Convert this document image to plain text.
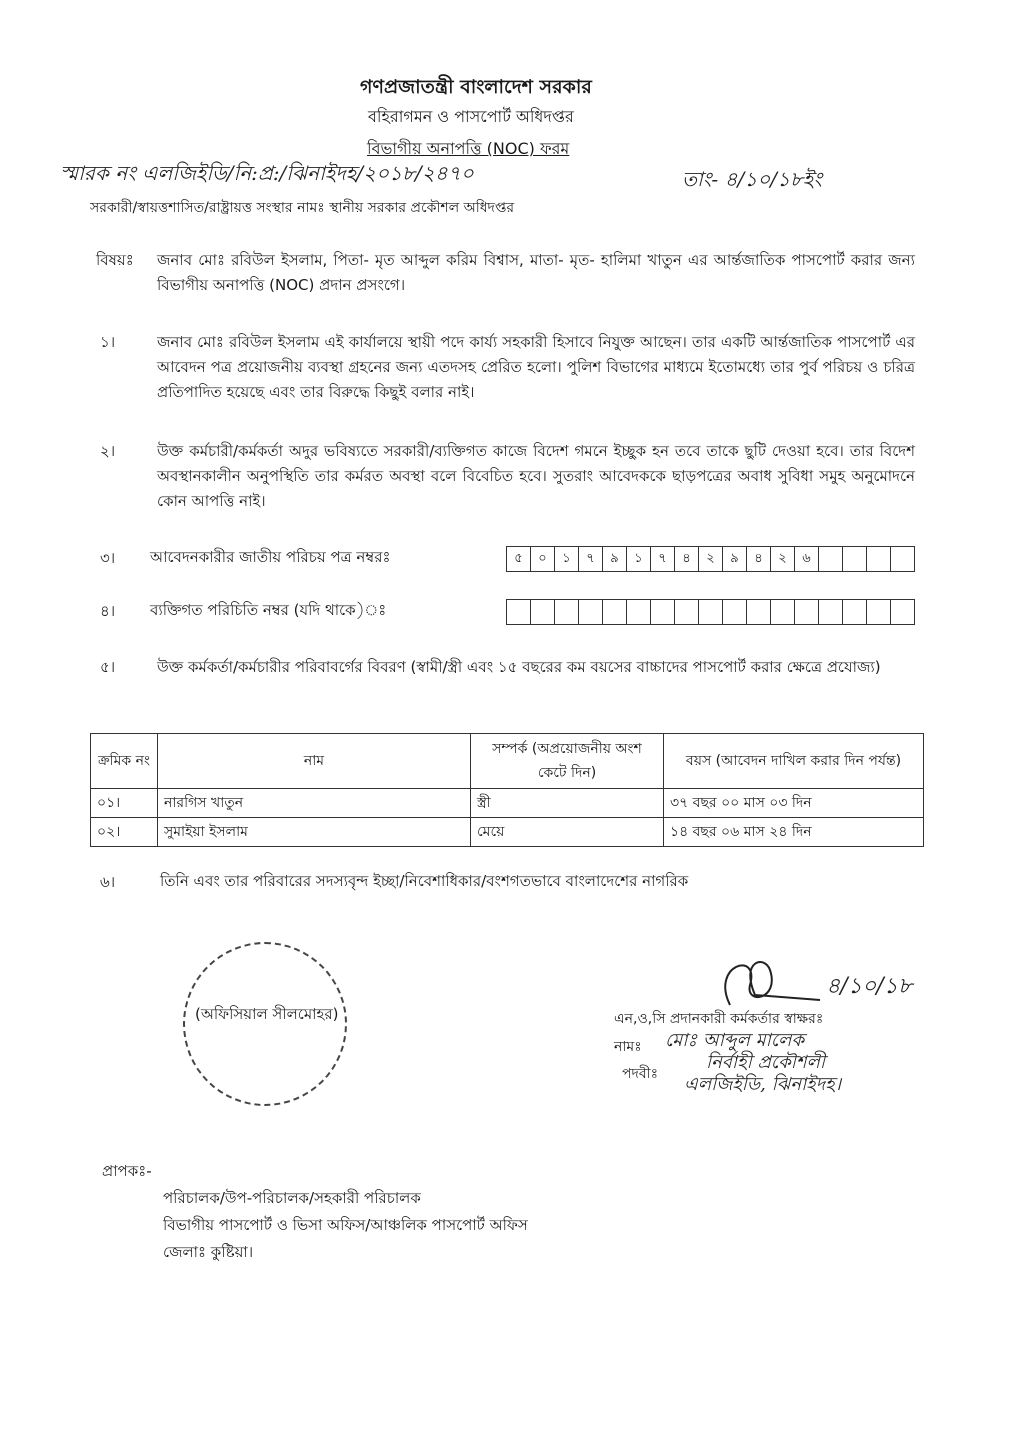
গণপ্রজাতন্ত্রী বাংলাদেশ সরকার
বহিরাগমন ও পাসপোর্ট অধিদপ্তর
বিভাগীয় অনাপত্তি (NOC) ফরম
স্মারক নং এলজিইডি/নি:প্র:/ঝিনাইদহ/২০১৮/২৪৭০	তাং- ৪/১০/১৮ইং
সরকারী/স্বায়ত্তশাসিত/রাষ্ট্রায়ত্ত সংস্থার নামঃ স্থানীয় সরকার প্রকৌশল অধিদপ্তর
বিষয়ঃ জনাব মোঃ রবিউল ইসলাম, পিতা- মৃত আব্দুল করিম বিশ্বাস, মাতা- মৃত- হালিমা খাতুন এর আর্ন্তজাতিক পাসপোর্ট করার জন্য বিভাগীয় অনাপত্তি (NOC) প্রদান প্রসংগে।
১।	জনাব মোঃ রবিউল ইসলাম এই কার্যালয়ে স্থায়ী পদে কার্য্য সহকারী হিসাবে নিযুক্ত আছেন। তার একটি আর্ন্তজাতিক পাসপোর্ট এর আবেদন পত্র প্রয়োজনীয় ব্যবস্থা গ্রহনের জন্য এতদসহ প্রেরিত হলো। পুলিশ বিভাগের মাধ্যমে ইতোমধ্যে তার পুর্ব পরিচয় ও চরিত্র প্রতিপাদিত হয়েছে এবং তার বিরুদ্ধে কিছুই বলার নাই।
২।	উক্ত কর্মচারী/কর্মকর্তা অদুর ভবিষ্যতে সরকারী/ব্যক্তিগত কাজে বিদেশ গমনে ইচ্ছুক হন তবে তাকে ছুটি দেওয়া হবে। তার বিদেশ অবস্থানকালীন অনুপস্থিতি তার কর্মরত অবস্থা বলে বিবেচিত হবে। সুতরাং আবেদককে ছাড়পত্রের অবাধ সুবিধা সমুহ অনুমোদনে কোন আপত্তি নাই।
৩। আবেদনকারীর জাতীয় পরিচয় পত্র নম্বরঃ	৫	০	১	৭	৯	১	৭	৪	২	৯	৪	২	৬
৪। ব্যক্তিগত পরিচিতি নম্বর (যদি থাকে)ঃ
৫।	উক্ত কর্মকর্তা/কর্মচারীর পরিবাবর্গের বিবরণ (স্বামী/স্ত্রী এবং ১৫ বছরের কম বয়সের বাচ্চাদের পাসপোর্ট করার ক্ষেত্রে প্রযোজ্য)
ক্রমিক নং	নাম	সম্পর্ক (অপ্রয়োজনীয় অংশ কেটে দিন)	বয়স (আবেদন দাখিল করার দিন পর্যন্ত)
০১।	নারগিস খাতুন	স্ত্রী	৩৭ বছর ০০ মাস ০৩ দিন
০২।	সুমাইয়া ইসলাম	মেয়ে	১৪ বছর ০৬ মাস ২৪ দিন
৬।	তিনি এবং তার পরিবারের সদস্যবৃন্দ ইচ্ছা/নিবেশাধিকার/বংশগতভাবে বাংলাদেশের নাগরিক
(অফিসিয়াল সীলমোহর)
৪/১০/১৮
এন,ও,সি প্রদানকারী কর্মকর্তার স্বাক্ষরঃ
নামঃ মোঃ আব্দুল মালেক
নির্বাহী প্রকৌশলী
পদবীঃ এলজিইডি, ঝিনাইদহ।
প্রাপকঃ-
পরিচালক/উপ-পরিচালক/সহকারী পরিচালক
বিভাগীয় পাসপোর্ট ও ভিসা অফিস/আঞ্চলিক পাসপোর্ট অফিস
জেলাঃ কুষ্টিয়া।
